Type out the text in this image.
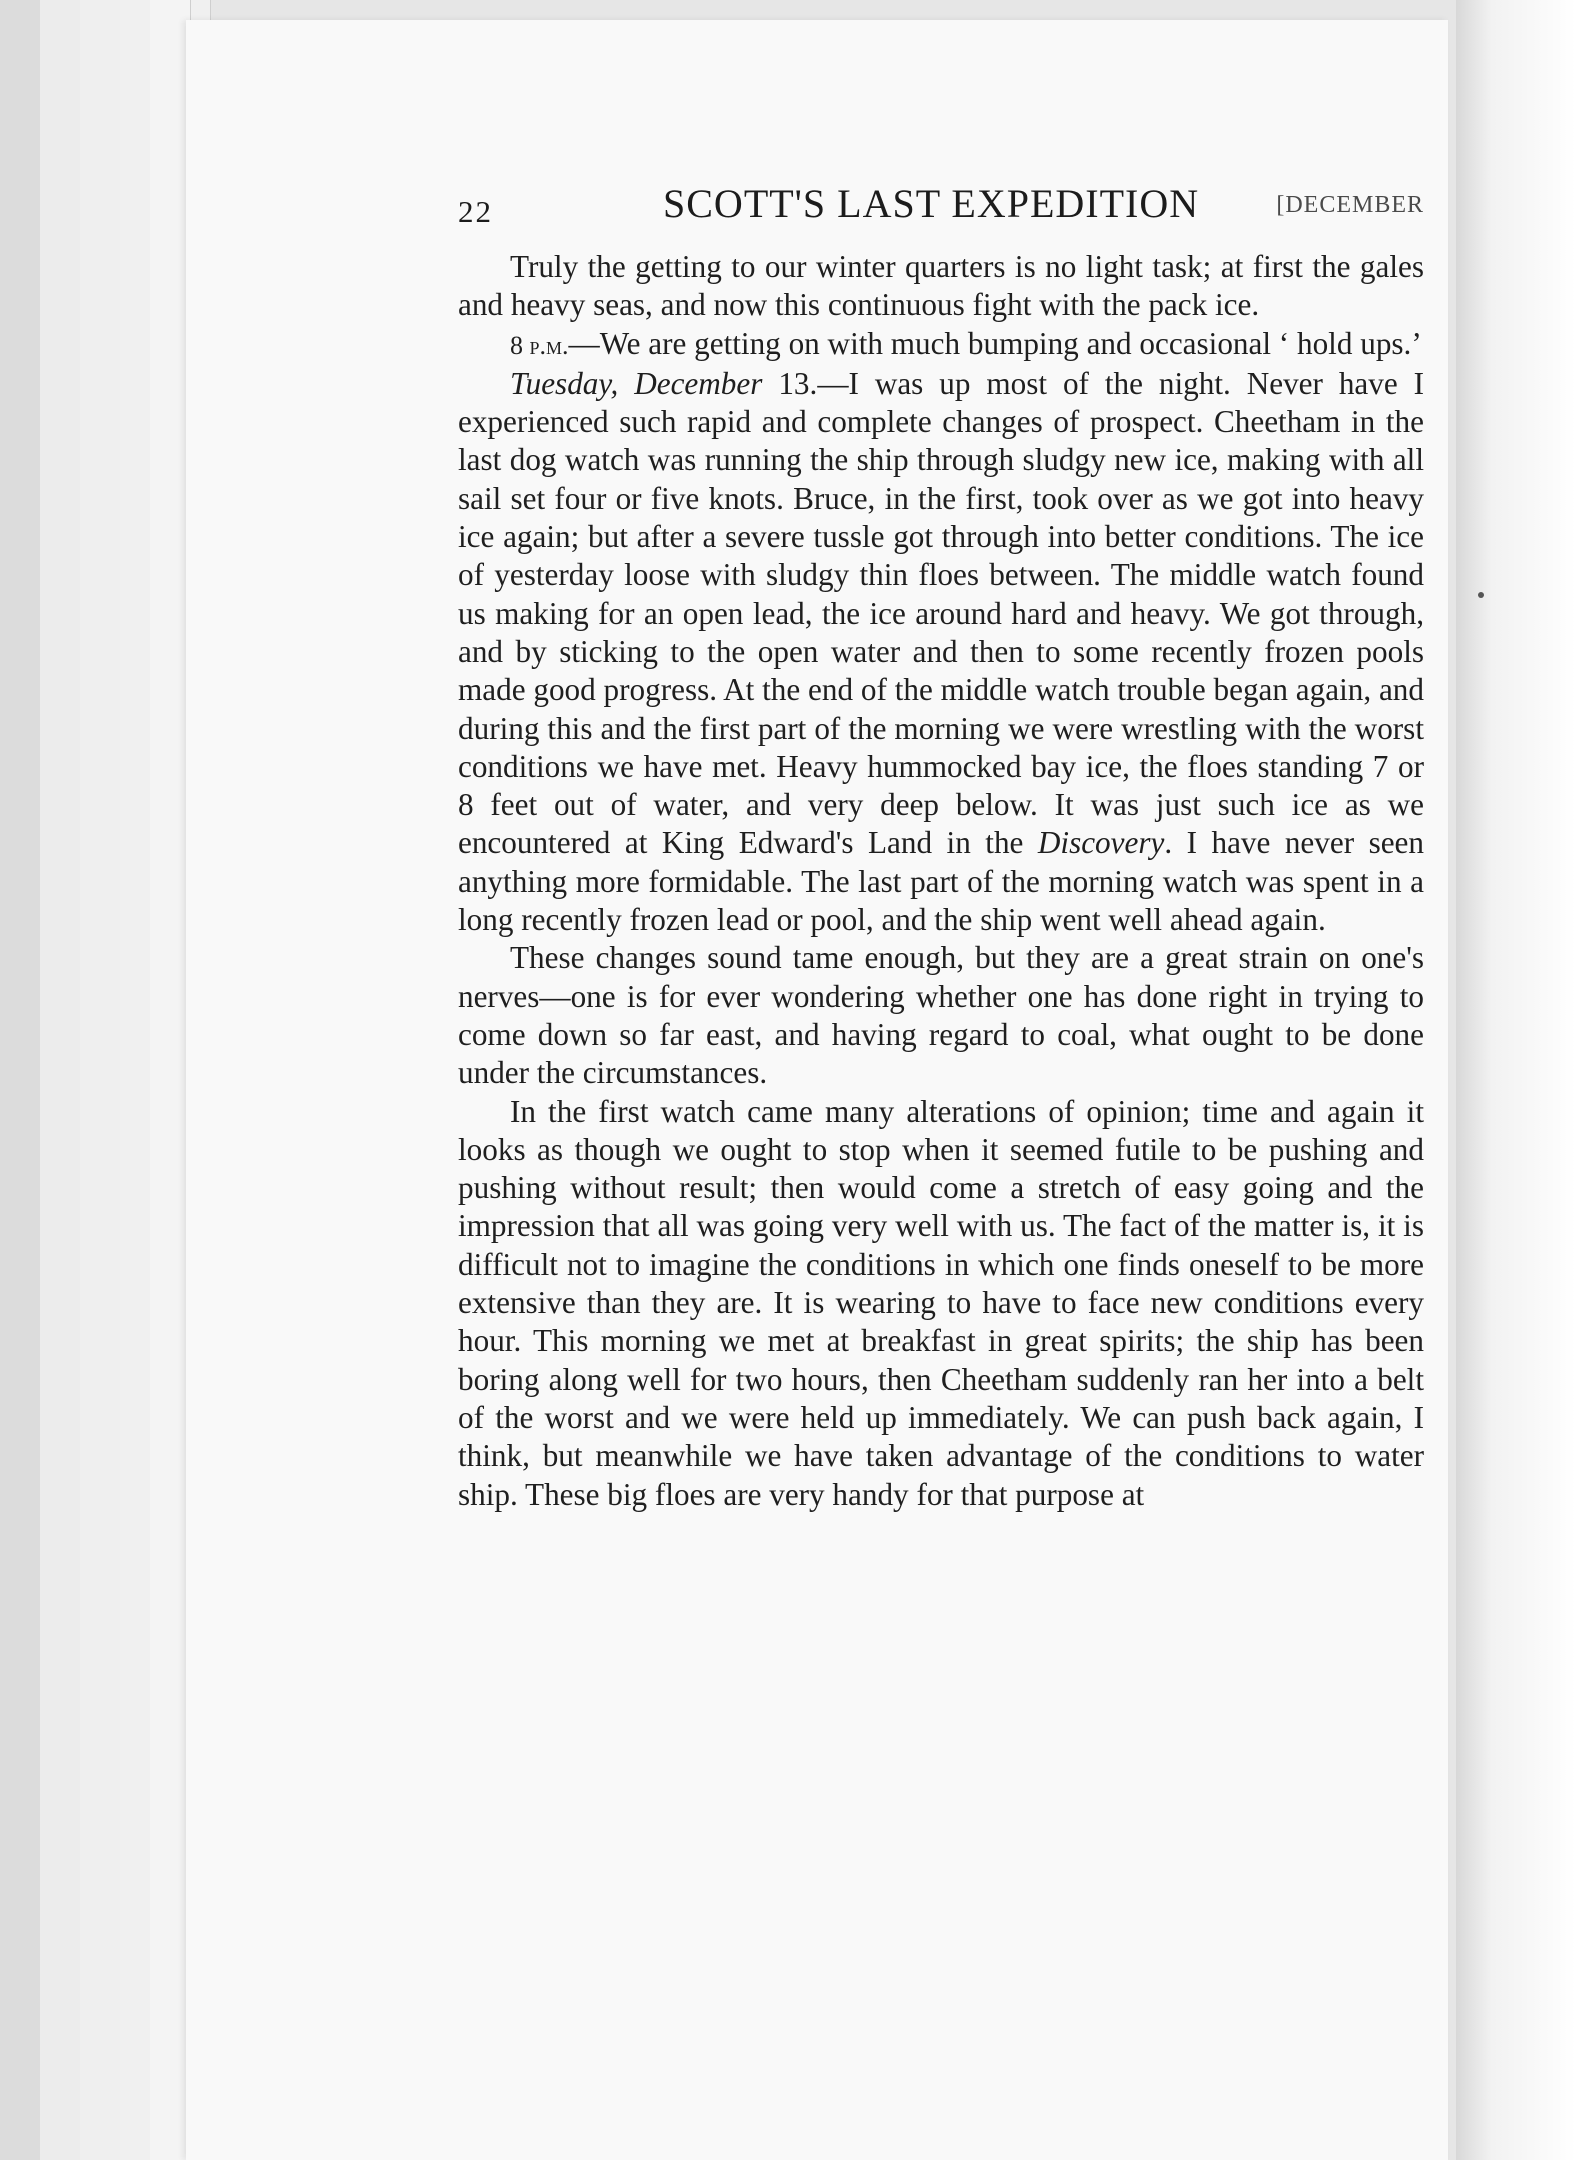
22	SCOTT'S LAST EXPEDITION	[DECEMBER

Truly the getting to our winter quarters is no light task; at first the gales and heavy seas, and now this continuous fight with the pack ice.

8 p.m.—We are getting on with much bumping and occasional ‘ hold ups.’

Tuesday, December 13.—I was up most of the night. Never have I experienced such rapid and complete changes of prospect. Cheetham in the last dog watch was running the ship through sludgy new ice, making with all sail set four or five knots. Bruce, in the first, took over as we got into heavy ice again; but after a severe tussle got through into better conditions. The ice of yesterday loose with sludgy thin floes between. The middle watch found us making for an open lead, the ice around hard and heavy. We got through, and by sticking to the open water and then to some recently frozen pools made good progress. At the end of the middle watch trouble began again, and during this and the first part of the morning we were wrestling with the worst conditions we have met. Heavy hummocked bay ice, the floes standing 7 or 8 feet out of water, and very deep below. It was just such ice as we encountered at King Edward's Land in the Discovery. I have never seen anything more formidable. The last part of the morning watch was spent in a long recently frozen lead or pool, and the ship went well ahead again.

These changes sound tame enough, but they are a great strain on one's nerves—one is for ever wondering whether one has done right in trying to come down so far east, and having regard to coal, what ought to be done under the circumstances.

In the first watch came many alterations of opinion; time and again it looks as though we ought to stop when it seemed futile to be pushing and pushing without result; then would come a stretch of easy going and the impression that all was going very well with us. The fact of the matter is, it is difficult not to imagine the conditions in which one finds oneself to be more extensive than they are. It is wearing to have to face new conditions every hour. This morning we met at breakfast in great spirits; the ship has been boring along well for two hours, then Cheetham suddenly ran her into a belt of the worst and we were held up immediately. We can push back again, I think, but meanwhile we have taken advantage of the conditions to water ship. These big floes are very handy for that purpose at
